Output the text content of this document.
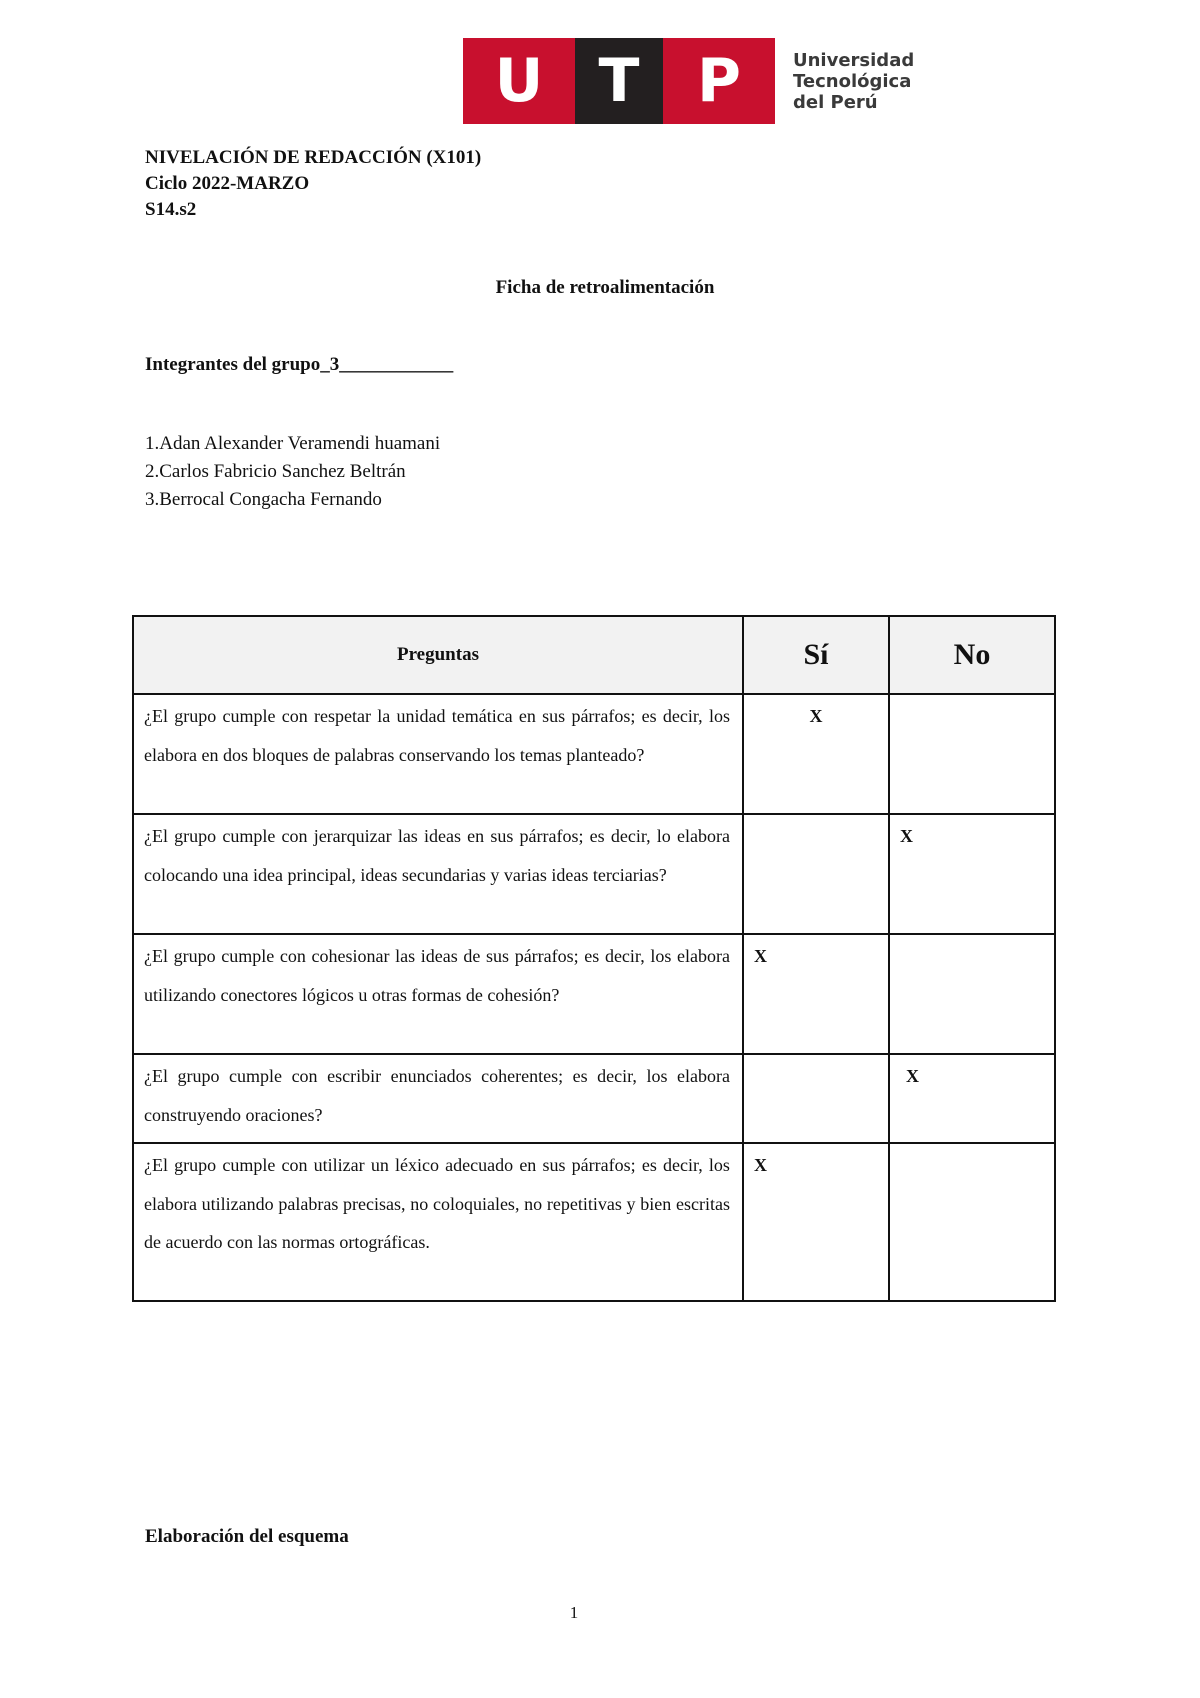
U T P	Universidad
Tecnológica
del Perú
NIVELACIÓN DE REDACCIÓN (X101)
Ciclo 2022-MARZO
S14.s2
Ficha de retroalimentación
Integrantes del grupo_3____________
1.Adan Alexander Veramendi huamani
2.Carlos Fabricio Sanchez Beltrán
3.Berrocal Congacha Fernando
Preguntas	Sí	No
¿El grupo cumple con respetar la unidad temática en sus párrafos; es decir, los elabora en dos bloques de palabras conservando los temas planteado?	X	
¿El grupo cumple con jerarquizar las ideas en sus párrafos; es decir, lo elabora colocando una idea principal, ideas secundarias y varias ideas terciarias?		X
¿El grupo cumple con cohesionar las ideas de sus párrafos; es decir, los elabora utilizando conectores lógicos u otras formas de cohesión?	X	
¿El grupo cumple con escribir enunciados coherentes; es decir, los elabora construyendo oraciones?		X
¿El grupo cumple con utilizar un léxico adecuado en sus párrafos; es decir, los elabora utilizando palabras precisas, no coloquiales, no repetitivas y bien escritas de acuerdo con las normas ortográficas.	X	
Elaboración del esquema
1
